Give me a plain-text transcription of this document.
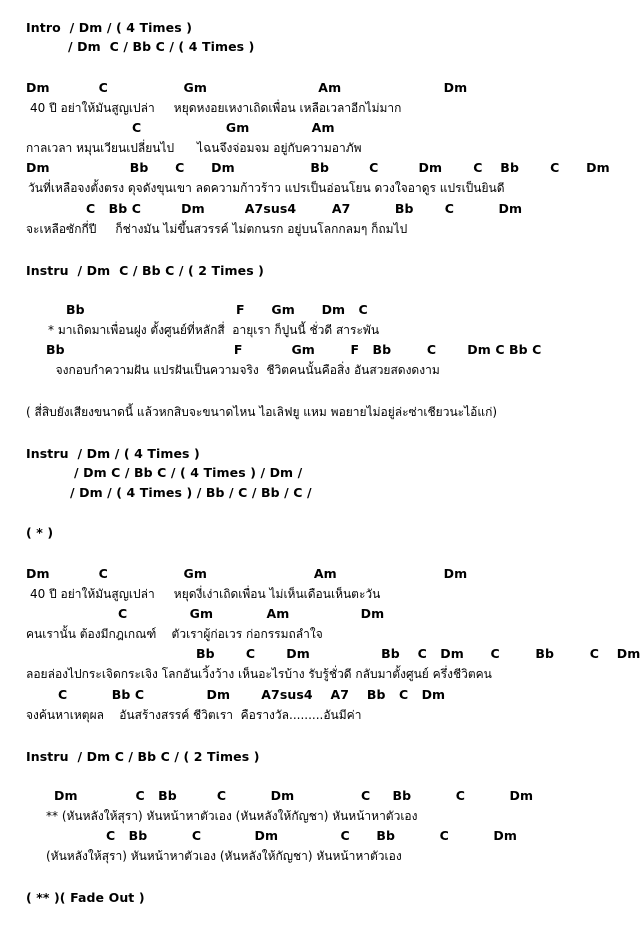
Intro  / Dm / ( 4 Times )
/ Dm  C / Bb C / ( 4 Times )
Dm           C                 Gm                         Am                       Dm
40 ปี อย่าให้มันสูญเปล่า     หยุดหงอยเหงาเถิดเพื่อน เหลือเวลาอีกไม่มาก
C                   Gm              Am
กาลเวลา หมุนเวียนเปลี่ยนไป      ไฉนจึงจ่อมจม อยู่กับความอาภัพ
Dm                  Bb      C      Dm                 Bb         C         Dm       C    Bb       C      Dm
วันที่เหลือจงตั้งตรง ดุจดังขุนเขา ลดความก้าวร้าว แปรเป็นอ่อนโยน ดวงใจอาดูร แปรเป็นยินดี
C   Bb C         Dm         A7sus4        A7          Bb       C          Dm
จะเหลือซักกี่ปี     ก็ช่างมัน ไม่ขึ้นสวรรค์ ไม่ตกนรก อยู่บนโลกกลมๆ ก็ถมไป
Instru  / Dm  C / Bb C / ( 2 Times )
Bb                                  F      Gm      Dm   C
* มาเถิดมาเพื่อนฝูง ตั้งศูนย์ที่หลักสี่  อายุเรา ก็ปูนนี้ ชั่วดี สาระพัน
Bb                                      F           Gm        F   Bb        C       Dm C Bb C
จงกอบกำความฝัน แปรฝันเป็นความจริง  ชีวิตคนนั้นคือสิ่ง อันสวยสดงดงาม
( สี่สิบยังเสียงขนาดนี้ แล้วหกสิบจะขนาดไหน ไอเลิฟยู แหม พอยายไม่อยู่ล่ะซ่าเชียวนะไอ้แก่)
Instru  / Dm / ( 4 Times )
/ Dm C / Bb C / ( 4 Times ) / Dm /
/ Dm / ( 4 Times ) / Bb / C / Bb / C /
( * )
Dm           C                 Gm                        Am                        Dm
40 ปี อย่าให้มันสูญเปล่า     หยุดงี่เง่าเถิดเพื่อน ไม่เห็นเดือนเห็นตะวัน
C              Gm            Am                Dm
คนเรานั้น ต้องมีกฎเกณฑ์    ตัวเราผู้ก่อเวร ก่อกรรมถลำใจ
Bb       C       Dm                Bb    C   Dm      C        Bb        C    Dm
ลอยล่องไปกระเจิดกระเจิง โลกอันเวิ้งว้าง เห็นอะไรบ้าง รับรู้ชั่วดี กลับมาตั้งศูนย์ ครึ่งชีวิตคน
C          Bb C              Dm       A7sus4    A7    Bb   C   Dm
จงค้นหาเหตุผล    อันสร้างสรรค์ ชีวิตเรา  คือรางวัล.........อันมีค่า
Instru  / Dm C / Bb C / ( 2 Times )
Dm             C   Bb         C          Dm               C     Bb          C          Dm
** (หันหลังให้สุรา) หันหน้าหาตัวเอง (หันหลังให้กัญชา) หันหน้าหาตัวเอง
C   Bb          C            Dm              C      Bb          C          Dm
(หันหลังให้สุรา) หันหน้าหาตัวเอง (หันหลังให้กัญชา) หันหน้าหาตัวเอง
( ** )( Fade Out )
